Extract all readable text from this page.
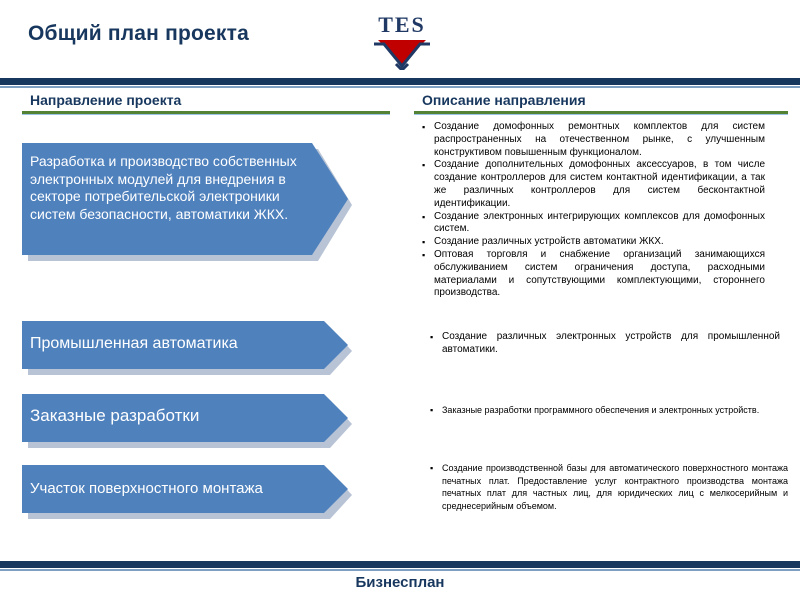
Общий план проекта	TES
Направление проекта	Описание направления
Разработка и производство собственных электронных модулей для внедрения в секторе потребительской электроники систем безопасности, автоматики ЖКХ.
Промышленная автоматика
Заказные разработки
Участок поверхностного монтажа
▪ Создание домофонных ремонтных комплектов для систем распространенных на отечественном рынке, с улучшенным конструктивом повышенным функционалом.
▪ Создание дополнительных домофонных аксессуаров, в том числе создание контроллеров для систем контактной идентификации, а так же различных контроллеров для систем бесконтактной идентификации.
▪ Создание электронных интегрирующих комплексов для домофонных систем.
▪ Создание различных устройств автоматики ЖКХ.
▪ Оптовая торговля и снабжение организаций занимающихся обслуживанием систем ограничения доступа, расходными материалами и сопутствующими комплектующими, стороннего производства.
▪ Создание различных электронных устройств для промышленной автоматики.
▪ Заказные разработки программного обеспечения и электронных устройств.
▪ Создание производственной базы для автоматического поверхностного монтажа печатных плат. Предоставление услуг контрактного производства монтажа печатных плат для частных лиц, для юридических лиц с мелкосерийным и среднесерийным объемом.
Бизнесплан
